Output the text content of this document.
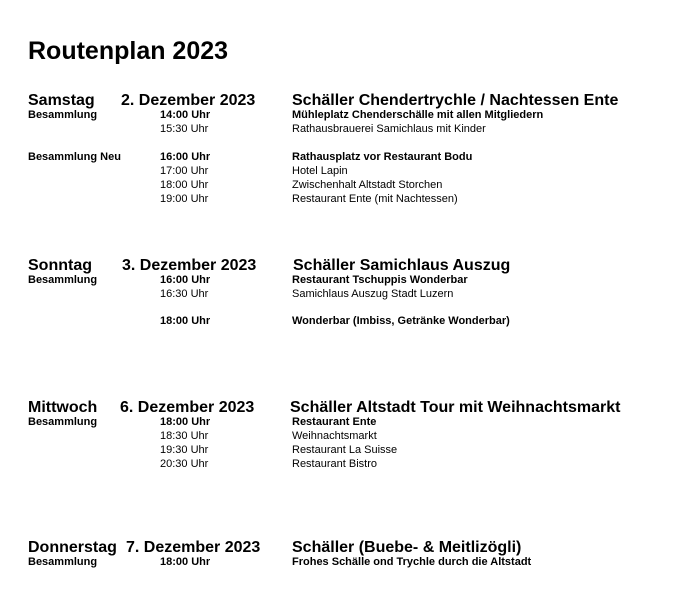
Routenplan 2023
Samstag 2. Dezember 2023 Schäller Chendertrychle / Nachtessen Ente
Besammlung	14:00 Uhr	Mühleplatz Chenderschälle mit allen Mitgliedern
15:30 Uhr	Rathausbrauerei Samichlaus mit Kinder
Besammlung Neu	16:00 Uhr	Rathausplatz vor Restaurant Bodu
17:00 Uhr	Hotel Lapin
18:00 Uhr	Zwischenhalt Altstadt Storchen
19:00 Uhr	Restaurant Ente (mit Nachtessen)
Sonntag 3. Dezember 2023 Schäller Samichlaus Auszug
Besammlung	16:00 Uhr	Restaurant Tschuppis Wonderbar
16:30 Uhr	Samichlaus Auszug Stadt Luzern
18:00 Uhr	Wonderbar (Imbiss, Getränke Wonderbar)
Mittwoch 6. Dezember 2023 Schäller Altstadt Tour mit Weihnachtsmarkt
Besammlung	18:00 Uhr	Restaurant Ente
18:30 Uhr	Weihnachtsmarkt
19:30 Uhr	Restaurant La Suisse
20:30 Uhr	Restaurant Bistro
Donnerstag 7. Dezember 2023 Schäller (Buebe- & Meitlizögli)
Besammlung	18:00 Uhr	Frohes Schälle ond Trychle durch die Altstadt
